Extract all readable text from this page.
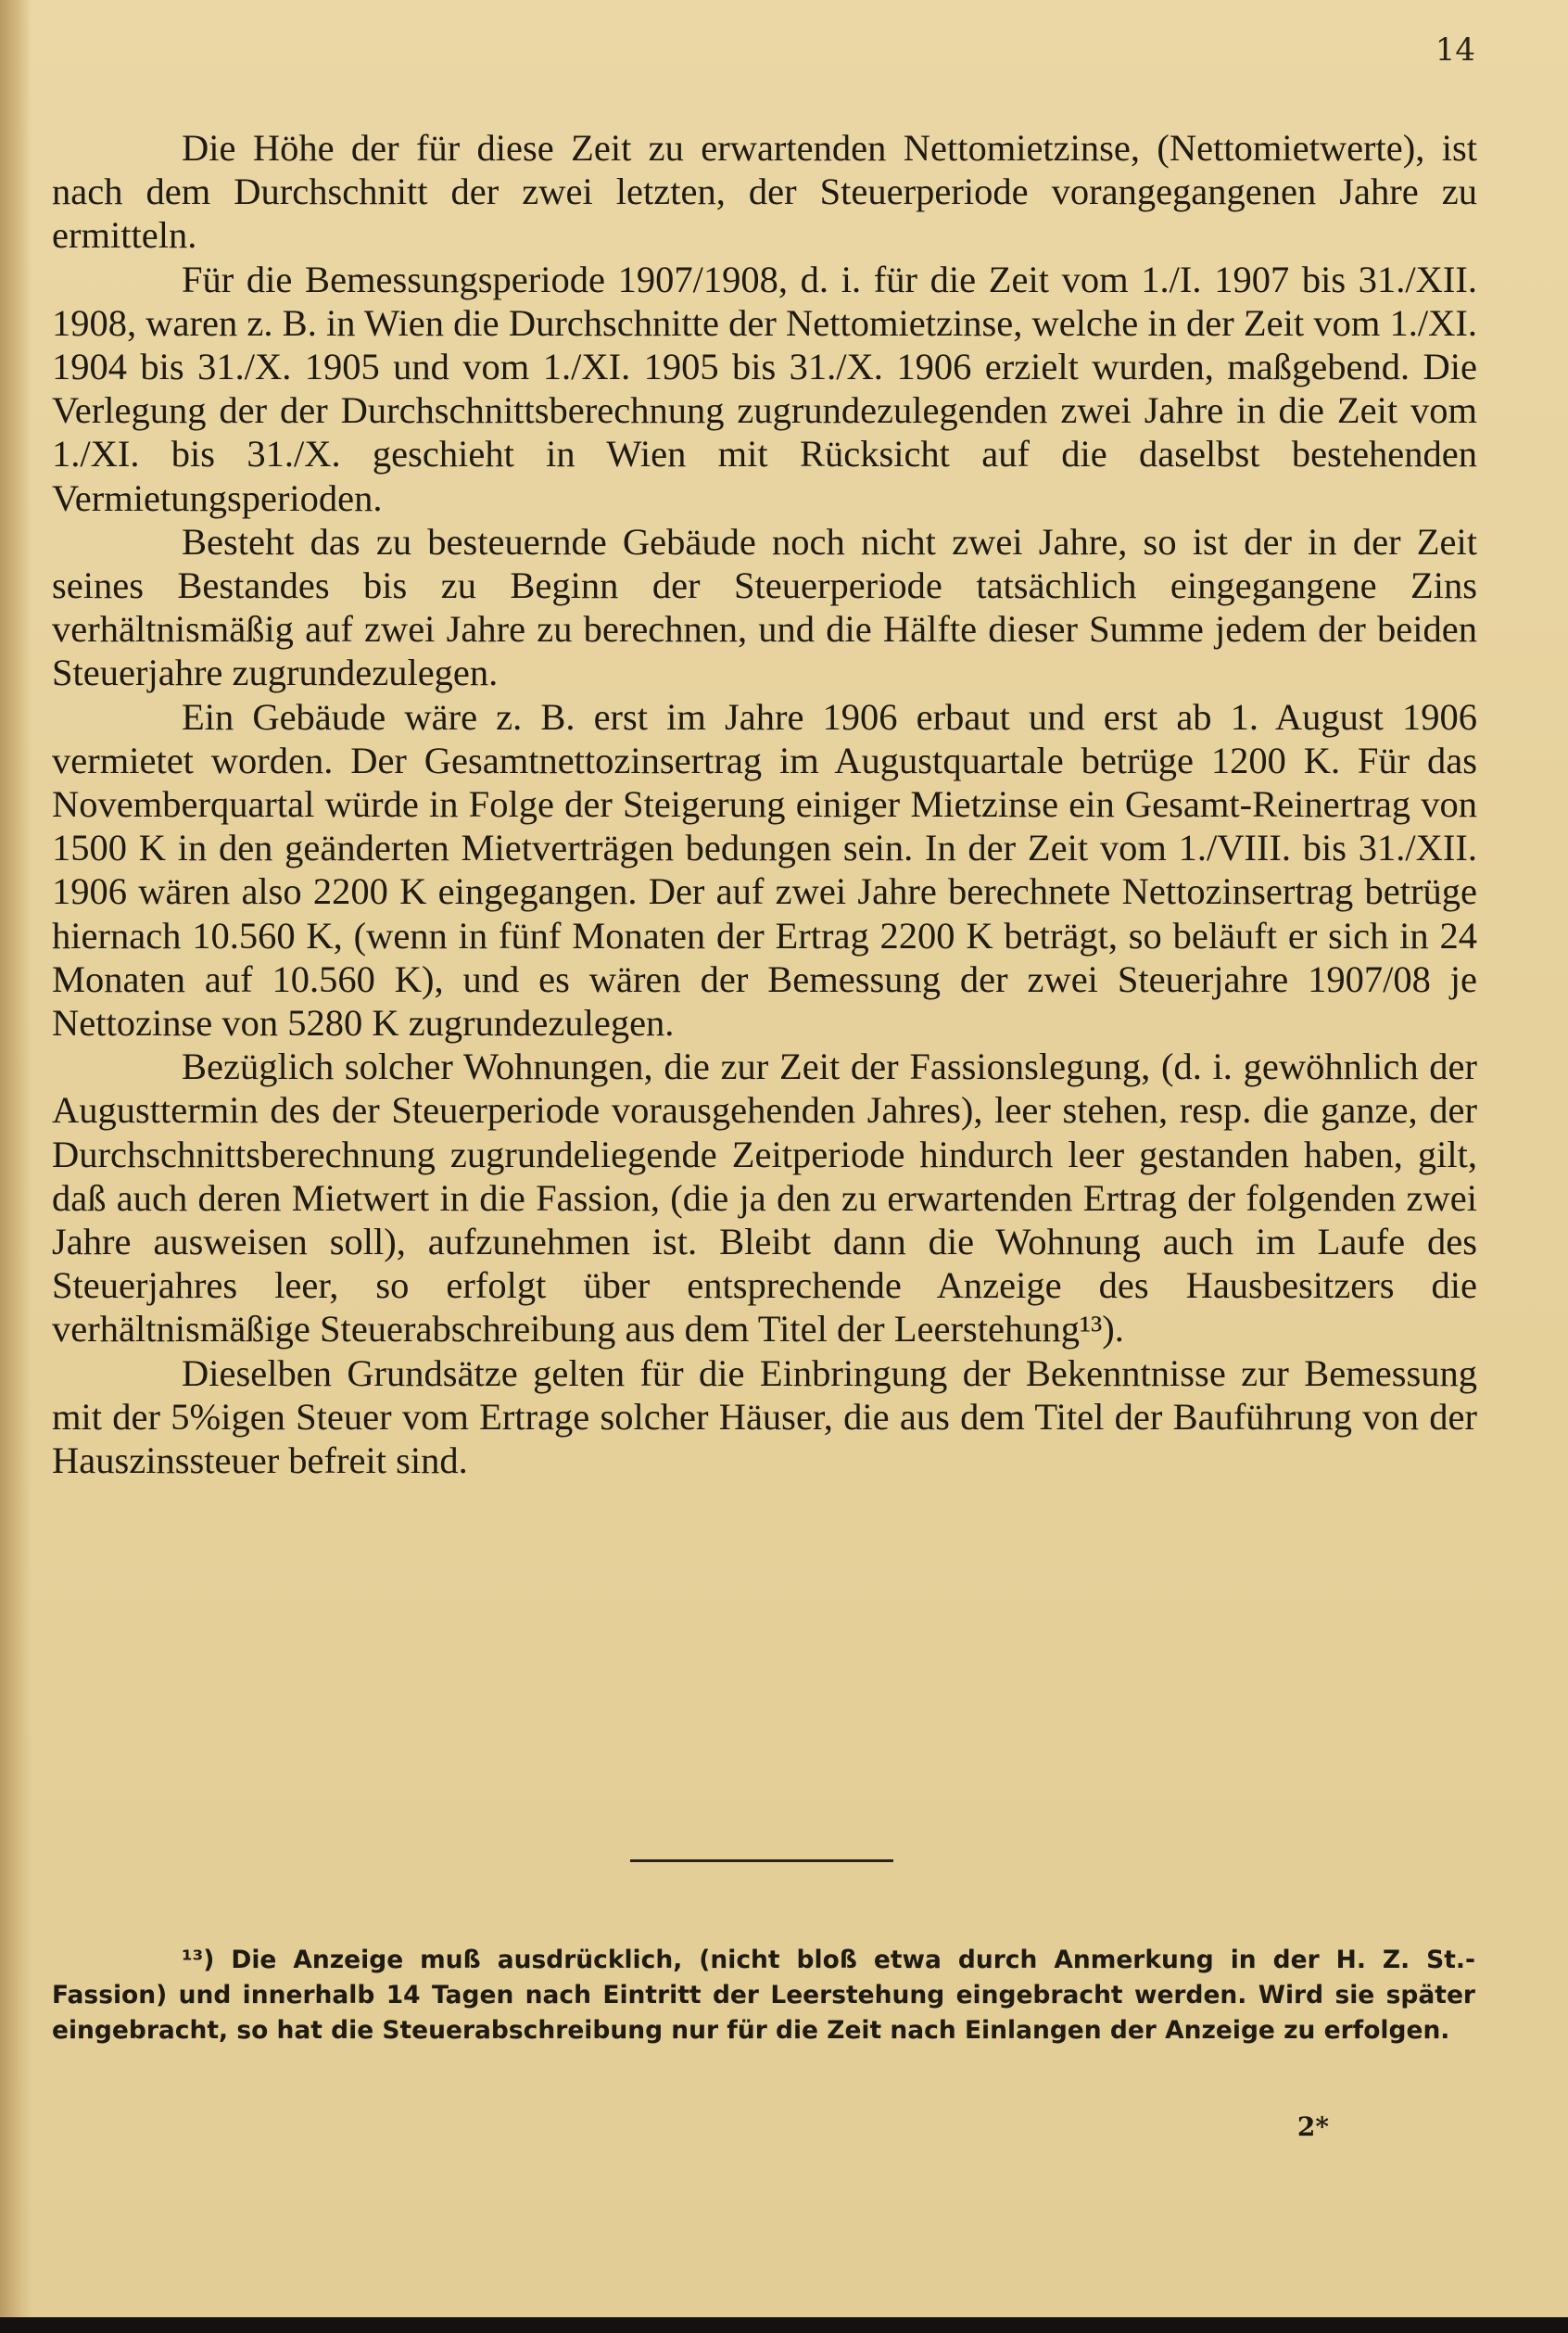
14

Die Höhe der für diese Zeit zu erwartenden Nettomietzinse, (Nettomietwerte), ist nach dem Durchschnitt der zwei letzten, der Steuerperiode vorangegangenen Jahre zu ermitteln.

Für die Bemessungsperiode 1907/1908, d. i. für die Zeit vom 1./I. 1907 bis 31./XII. 1908, waren z. B. in Wien die Durchschnitte der Nettomietzinse, welche in der Zeit vom 1./XI. 1904 bis 31./X. 1905 und vom 1./XI. 1905 bis 31./X. 1906 erzielt wurden, maßgebend. Die Verlegung der der Durchschnittsberechnung zugrundezulegenden zwei Jahre in die Zeit vom 1./XI. bis 31./X. geschieht in Wien mit Rücksicht auf die daselbst bestehenden Vermietungsperioden.

Besteht das zu besteuernde Gebäude noch nicht zwei Jahre, so ist der in der Zeit seines Bestandes bis zu Beginn der Steuerperiode tatsächlich eingegangene Zins verhältnismäßig auf zwei Jahre zu berechnen, und die Hälfte dieser Summe jedem der beiden Steuerjahre zugrundezulegen.

Ein Gebäude wäre z. B. erst im Jahre 1906 erbaut und erst ab 1. August 1906 vermietet worden. Der Gesamtnettozinsertrag im Augustquartale betrüge 1200 K. Für das Novemberquartal würde in Folge der Steigerung einiger Mietzinse ein Gesamt-Reinertrag von 1500 K in den geänderten Mietverträgen bedungen sein. In der Zeit vom 1./VIII. bis 31./XII. 1906 wären also 2200 K eingegangen. Der auf zwei Jahre berechnete Nettozinsertrag betrüge hiernach 10.560 K, (wenn in fünf Monaten der Ertrag 2200 K beträgt, so beläuft er sich in 24 Monaten auf 10.560 K), und es wären der Bemessung der zwei Steuerjahre 1907/08 je Nettozinse von 5280 K zugrundezulegen.

Bezüglich solcher Wohnungen, die zur Zeit der Fassionslegung, (d. i. gewöhnlich der Augusttermin des der Steuerperiode vorausgehenden Jahres), leer stehen, resp. die ganze, der Durchschnittsberechnung zugrundeliegende Zeitperiode hindurch leer gestanden haben, gilt, daß auch deren Mietwert in die Fassion, (die ja den zu erwartenden Ertrag der folgenden zwei Jahre ausweisen soll), aufzunehmen ist. Bleibt dann die Wohnung auch im Laufe des Steuerjahres leer, so erfolgt über entsprechende Anzeige des Hausbesitzers die verhältnismäßige Steuerabschreibung aus dem Titel der Leerstehung¹³).

Dieselben Grundsätze gelten für die Einbringung der Bekenntnisse zur Bemessung mit der 5%igen Steuer vom Ertrage solcher Häuser, die aus dem Titel der Bauführung von der Hauszinssteuer befreit sind.

¹³) Die Anzeige muß ausdrücklich, (nicht bloß etwa durch Anmerkung in der H. Z. St.-Fassion) und innerhalb 14 Tagen nach Eintritt der Leerstehung eingebracht werden. Wird sie später eingebracht, so hat die Steuerabschreibung nur für die Zeit nach Einlangen der Anzeige zu erfolgen.

2*
